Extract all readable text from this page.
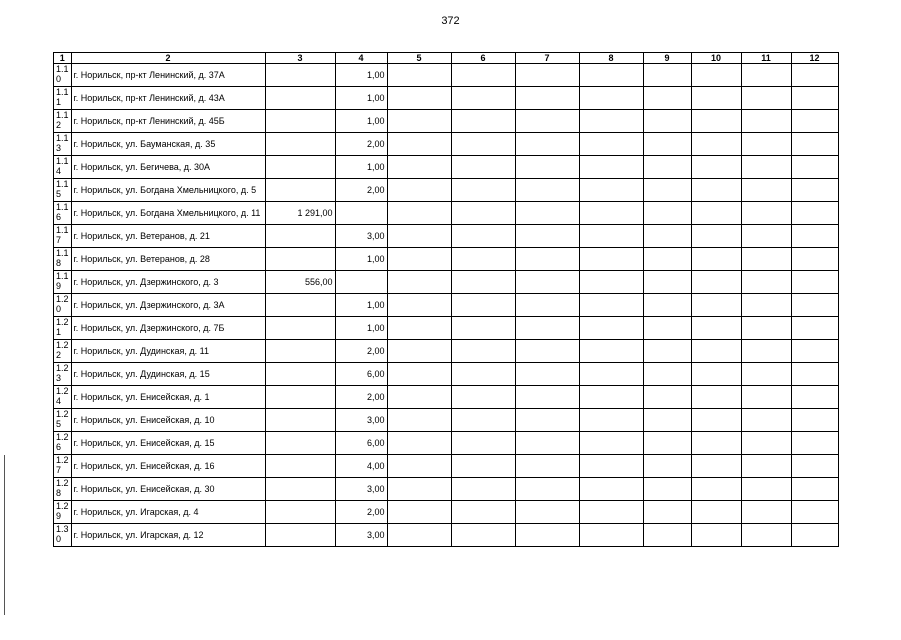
372
1	2	3	4	5	6	7	8	9	10	11	12
1.1
0	г. Норильск, пр-кт Ленинский, д. 37А		1,00								
1.1
1	г. Норильск, пр-кт Ленинский, д. 43А		1,00								
1.1
2	г. Норильск, пр-кт Ленинский, д. 45Б		1,00								
1.1
3	г. Норильск, ул. Бауманская, д. 35		2,00								
1.1
4	г. Норильск, ул. Бегичева, д. 30А		1,00								
1.1
5	г. Норильск, ул. Богдана Хмельницкого, д. 5		2,00								
1.1
6	г. Норильск, ул. Богдана Хмельницкого, д. 11	1 291,00									
1.1
7	г. Норильск, ул. Ветеранов, д. 21		3,00								
1.1
8	г. Норильск, ул. Ветеранов, д. 28		1,00								
1.1
9	г. Норильск, ул. Дзержинского, д. 3	556,00									
1.2
0	г. Норильск, ул. Дзержинского, д. 3А		1,00								
1.2
1	г. Норильск, ул. Дзержинского, д. 7Б		1,00								
1.2
2	г. Норильск, ул. Дудинская, д. 11		2,00								
1.2
3	г. Норильск, ул. Дудинская, д. 15		6,00								
1.2
4	г. Норильск, ул. Енисейская, д. 1		2,00								
1.2
5	г. Норильск, ул. Енисейская, д. 10		3,00								
1.2
6	г. Норильск, ул. Енисейская, д. 15		6,00								
1.2
7	г. Норильск, ул. Енисейская, д. 16		4,00								
1.2
8	г. Норильск, ул. Енисейская, д. 30		3,00								
1.2
9	г. Норильск, ул. Игарская, д. 4		2,00								
1.3
0	г. Норильск, ул. Игарская, д. 12		3,00								
